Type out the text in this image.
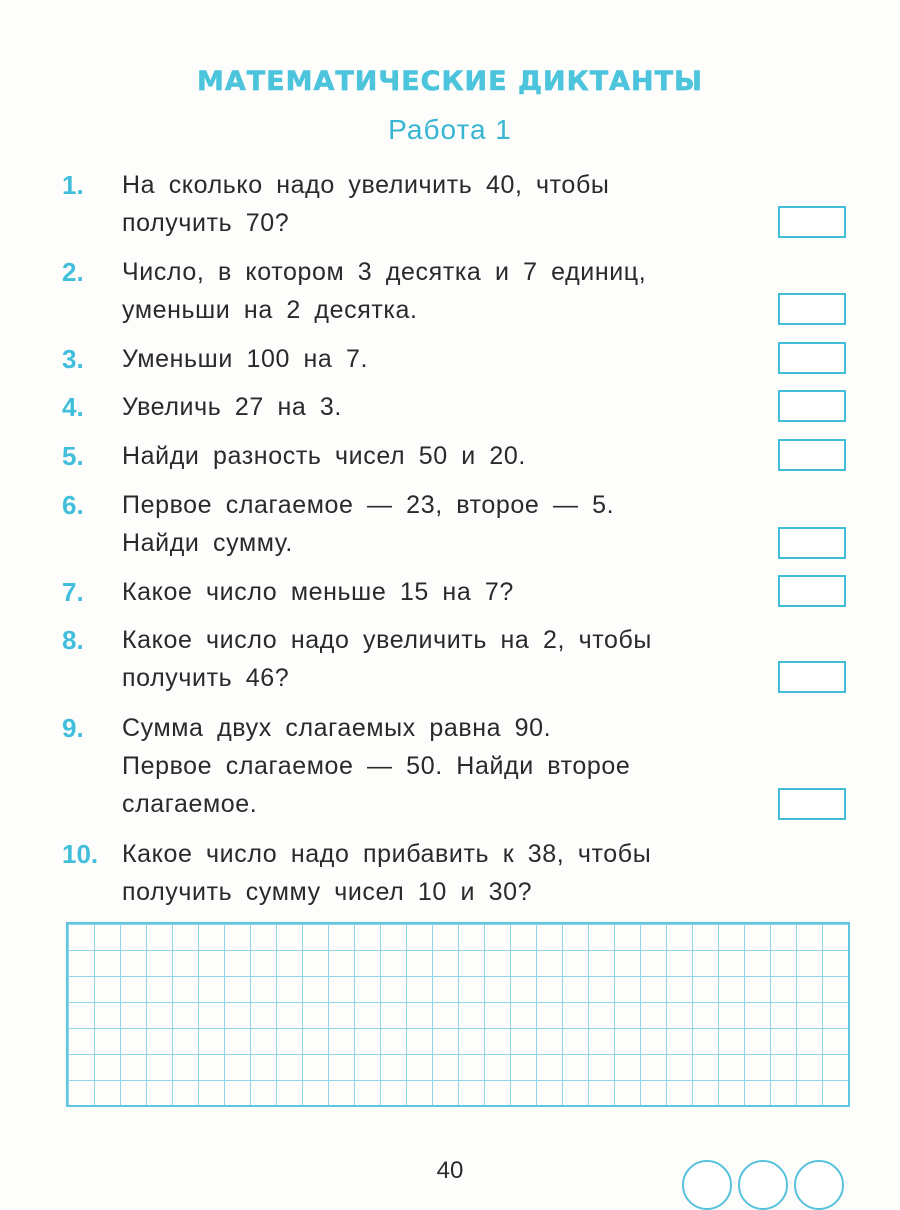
МАТЕМАТИЧЕСКИЕ ДИКТАНТЫ
Работа 1
1. На сколько надо увеличить 40, чтобы
получить 70?
2. Число, в котором 3 десятка и 7 единиц,
уменьши на 2 десятка.
3. Уменьши 100 на 7.
4. Увеличь 27 на 3.
5. Найди разность чисел 50 и 20.
6. Первое слагаемое — 23, второе — 5.
Найди сумму.
7. Какое число меньше 15 на 7?
8. Какое число надо увеличить на 2, чтобы
получить 46?
9. Сумма двух слагаемых равна 90.
Первое слагаемое — 50. Найди второе
слагаемое.
10. Какое число надо прибавить к 38, чтобы
получить сумму чисел 10 и 30?
40
